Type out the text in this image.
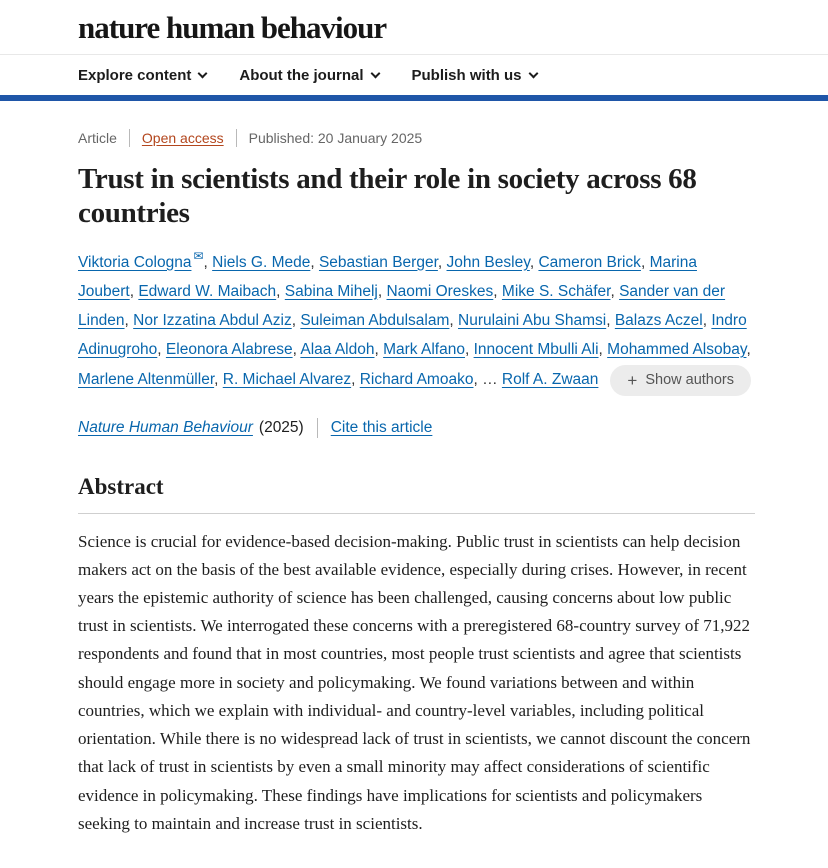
nature human behaviour
Explore content	About the journal	Publish with us
Article Open access Published: 20 January 2025
Trust in scientists and their role in society across 68 countries

Viktoria Cologna ✉, Niels G. Mede, Sebastian Berger, John Besley, Cameron Brick, Marina Joubert, Edward W. Maibach, Sabina Mihelj, Naomi Oreskes, Mike S. Schäfer, Sander van der Linden, Nor Izzatina Abdul Aziz, Suleiman Abdulsalam, Nurulaini Abu Shamsi, Balazs Aczel, Indro Adinugroho, Eleonora Alabrese, Alaa Aldoh, Mark Alfano, Innocent Mbulli Ali, Mohammed Alsobay, Marlene Altenmüller, R. Michael Alvarez, Richard Amoako, … Rolf A. Zwaan + Show authors

Nature Human Behaviour (2025) Cite this article
Abstract

Science is crucial for evidence-based decision-making. Public trust in scientists can help decision makers act on the basis of the best available evidence, especially during crises. However, in recent years the epistemic authority of science has been challenged, causing concerns about low public trust in scientists. We interrogated these concerns with a preregistered 68-country survey of 71,922 respondents and found that in most countries, most people trust scientists and agree that scientists should engage more in society and policymaking. We found variations between and within countries, which we explain with individual- and country-level variables, including political orientation. While there is no widespread lack of trust in scientists, we cannot discount the concern that lack of trust in scientists by even a small minority may affect considerations of scientific evidence in policymaking. These findings have implications for scientists and policymakers seeking to maintain and increase trust in scientists.
